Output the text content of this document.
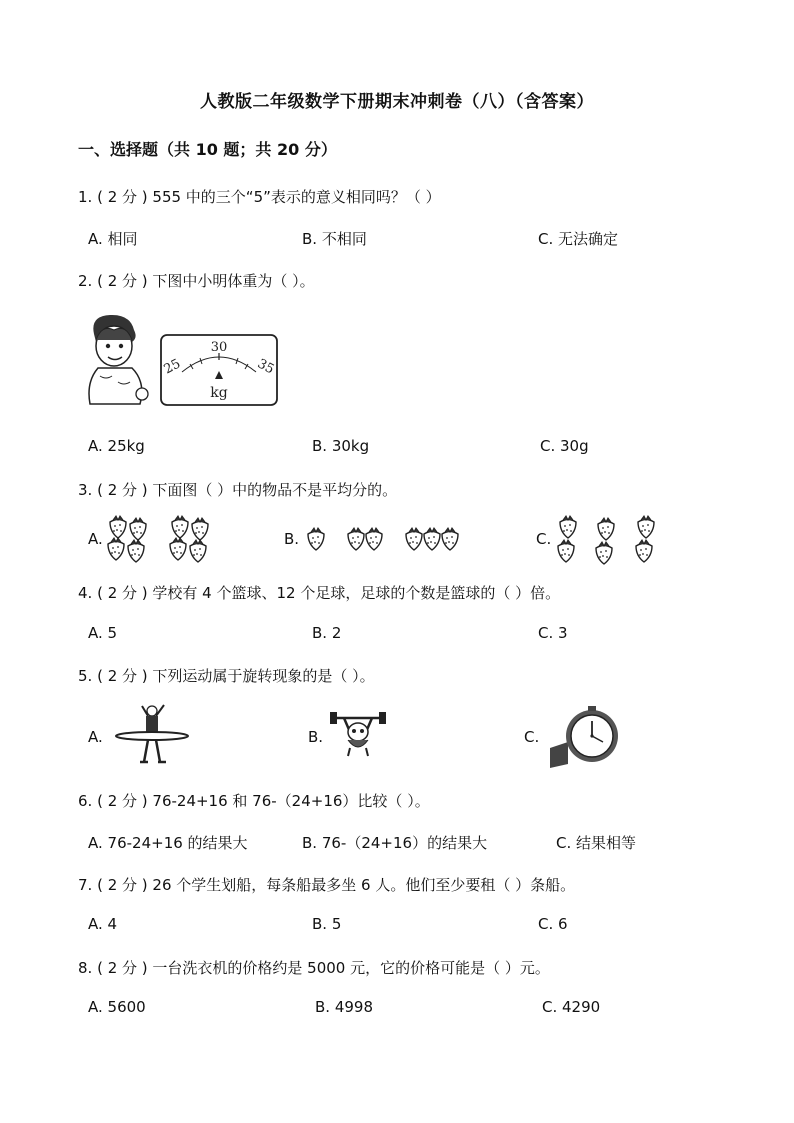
人教版二年级数学下册期末冲刺卷（八）（含答案）
一、选择题（共 10 题；共 20 分）
1. ( 2 分 ) 555 中的三个“5”表示的意义相同吗？（ ）
A. 相同	B. 不相同	C. 无法确定
2. ( 2 分 ) 下图中小明体重为（ ）。
30
25	35
kg
A. 25kg	B. 30kg	C. 30g
3. ( 2 分 ) 下面图（ ）中的物品不是平均分的。
A.	B.	C.
4. ( 2 分 ) 学校有 4 个篮球、12 个足球，足球的个数是篮球的（ ）倍。
A. 5	B. 2	C. 3
5. ( 2 分 ) 下列运动属于旋转现象的是（ ）。
A.	B.	C.
6. ( 2 分 ) 76-24+16 和 76-（24+16）比较（ ）。
A. 76-24+16 的结果大	B. 76-（24+16）的结果大	C. 结果相等
7. ( 2 分 ) 26 个学生划船，每条船最多坐 6 人。他们至少要租（ ）条船。
A. 4	B. 5	C. 6
8. ( 2 分 ) 一台洗衣机的价格约是 5000 元，它的价格可能是（ ）元。
A. 5600	B. 4998	C. 4290
